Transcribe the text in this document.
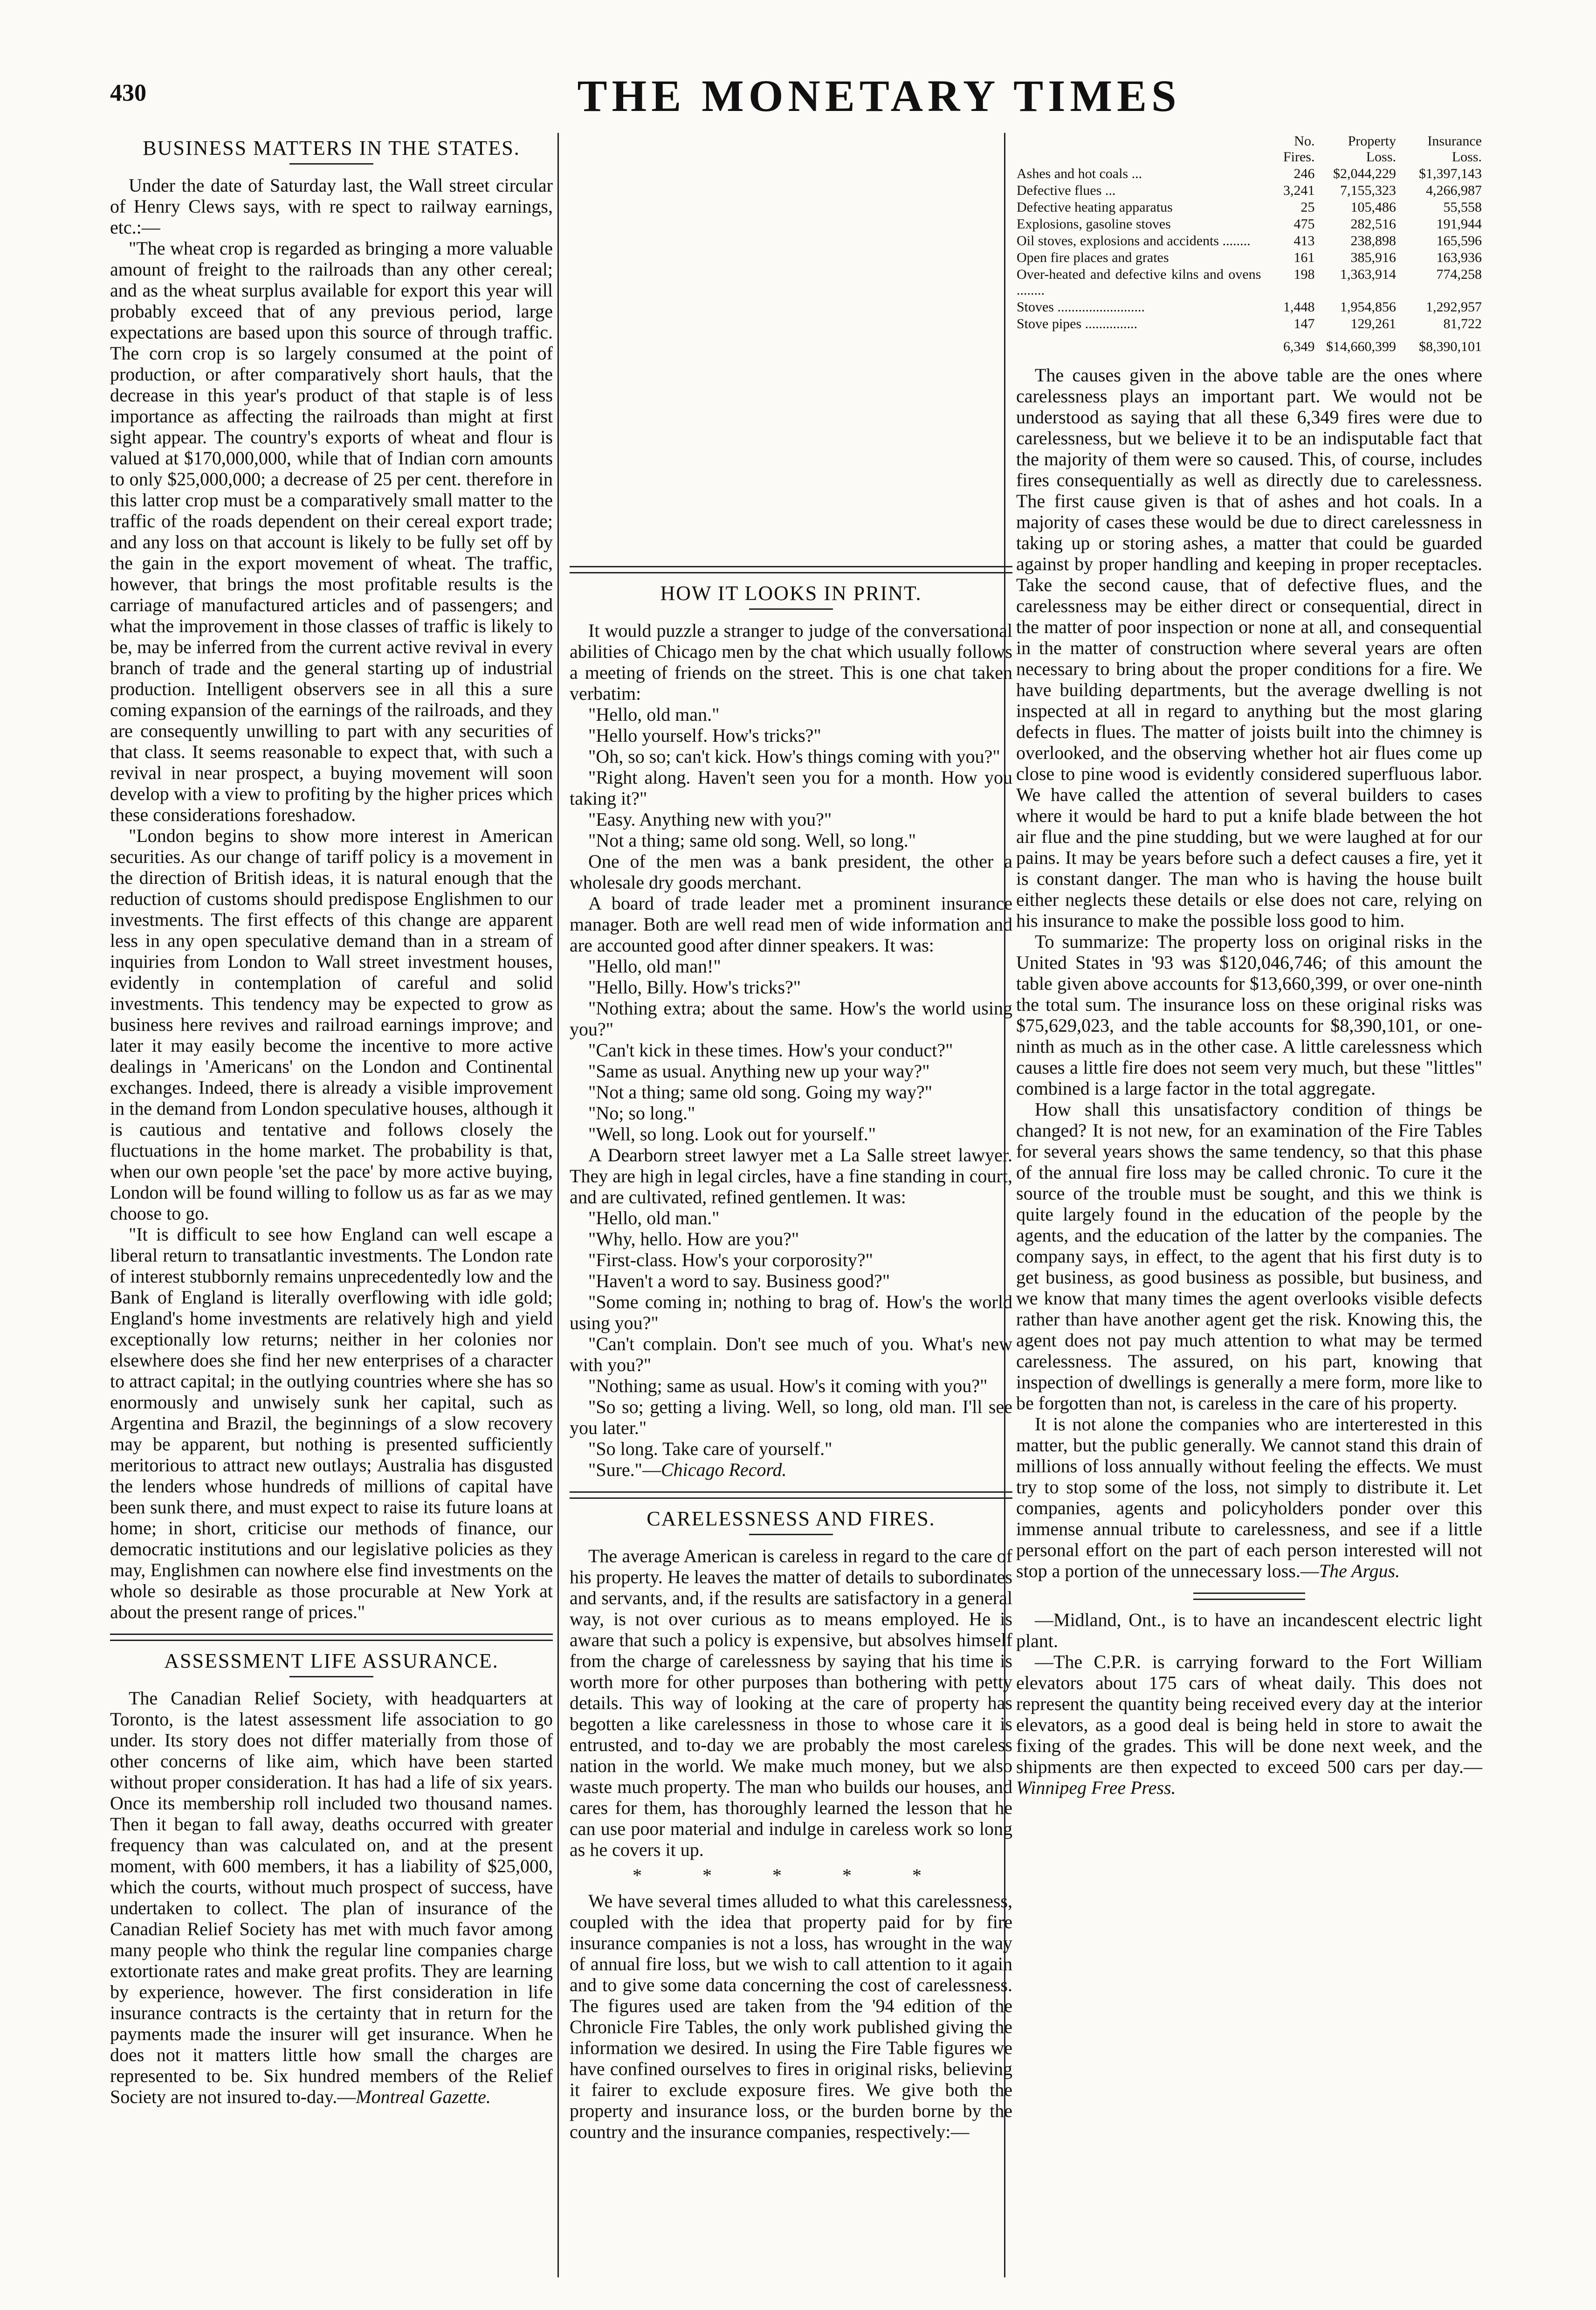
430	THE MONETARY TIMES
BUSINESS MATTERS IN THE STATES.

Under the date of Saturday last, the Wall street circular of Henry Clews says, with re spect to railway earnings, etc.:—

"The wheat crop is regarded as bringing a more valuable amount of freight to the railroads than any other cereal; and as the wheat surplus available for export this year will probably exceed that of any previous period, large expectations are based upon this source of through traffic. The corn crop is so largely consumed at the point of production, or after comparatively short hauls, that the decrease in this year's product of that staple is of less importance as affecting the railroads than might at first sight appear. The country's exports of wheat and flour is valued at $170,000,000, while that of Indian corn amounts to only $25,000,000; a decrease of 25 per cent. therefore in this latter crop must be a comparatively small matter to the traffic of the roads dependent on their cereal export trade; and any loss on that account is likely to be fully set off by the gain in the export movement of wheat. The traffic, however, that brings the most profitable results is the carriage of manufactured articles and of passengers; and what the improvement in those classes of traffic is likely to be, may be inferred from the current active revival in every branch of trade and the general starting up of industrial production. Intelligent observers see in all this a sure coming expansion of the earnings of the railroads, and they are consequently unwilling to part with any securities of that class. It seems reasonable to expect that, with such a revival in near prospect, a buying movement will soon develop with a view to profiting by the higher prices which these considerations foreshadow.

"London begins to show more interest in American securities. As our change of tariff policy is a movement in the direction of British ideas, it is natural enough that the reduction of customs should predispose Englishmen to our investments. The first effects of this change are apparent less in any open speculative demand than in a stream of inquiries from London to Wall street investment houses, evidently in contemplation of careful and solid investments. This tendency may be expected to grow as business here revives and railroad earnings improve; and later it may easily become the incentive to more active dealings in 'Americans' on the London and Continental exchanges. Indeed, there is already a visible improvement in the demand from London speculative houses, although it is cautious and tentative and follows closely the fluctuations in the home market. The probability is that, when our own people 'set the pace' by more active buying, London will be found willing to follow us as far as we may choose to go.

"It is difficult to see how England can well escape a liberal return to transatlantic investments. The London rate of interest stubbornly remains unprecedentedly low and the Bank of England is literally overflowing with idle gold; England's home investments are relatively high and yield exceptionally low returns; neither in her colonies nor elsewhere does she find her new enterprises of a character to attract capital; in the outlying countries where she has so enormously and unwisely sunk her capital, such as Argentina and Brazil, the beginnings of a slow recovery may be apparent, but nothing is presented sufficiently meritorious to attract new outlays; Australia has disgusted the lenders whose hundreds of millions of capital have been sunk there, and must expect to raise its future loans at home; in short, criticise our methods of finance, our democratic institutions and our legislative policies as they may, Englishmen can nowhere else find investments on the whole so desirable as those procurable at New York at about the present range of prices."

ASSESSMENT LIFE ASSURANCE.

The Canadian Relief Society, with headquarters at Toronto, is the latest assessment life association to go under. Its story does not differ materially from those of other concerns of like aim, which have been started without proper consideration. It has had a life of six years. Once its membership roll included two thousand names. Then it began to fall away, deaths occurred with greater frequency than was calculated on, and at the present moment, with 600 members, it has a liability of $25,000, which the courts, without much prospect of success, have undertaken to collect. The plan of insurance of the Canadian Relief Society has met with much favor among many people who think the regular line companies charge extortionate rates and make great profits. They are learning by experience, however. The first consideration in life insurance contracts is the certainty that in return for the payments made the insurer will get insurance. When he does not it matters little how small the charges are represented to be. Six hundred members of the Relief Society are not insured to-day.—Montreal Gazette.

HOW IT LOOKS IN PRINT.

It would puzzle a stranger to judge of the conversational abilities of Chicago men by the chat which usually follows a meeting of friends on the street. This is one chat taken verbatim:

"Hello, old man."

"Hello yourself. How's tricks?"

"Oh, so so; can't kick. How's things coming with you?"

"Right along. Haven't seen you for a month. How you taking it?"

"Easy. Anything new with you?"

"Not a thing; same old song. Well, so long."

One of the men was a bank president, the other a wholesale dry goods merchant.

A board of trade leader met a prominent insurance manager. Both are well read men of wide information and are accounted good after dinner speakers. It was:

"Hello, old man!"

"Hello, Billy. How's tricks?"

"Nothing extra; about the same. How's the world using you?"

"Can't kick in these times. How's your conduct?"

"Same as usual. Anything new up your way?"

"Not a thing; same old song. Going my way?"

"No; so long."

"Well, so long. Look out for yourself."

A Dearborn street lawyer met a La Salle street lawyer. They are high in legal circles, have a fine standing in court, and are cultivated, refined gentlemen. It was:

"Hello, old man."

"Why, hello. How are you?"

"First-class. How's your corporosity?"

"Haven't a word to say. Business good?"

"Some coming in; nothing to brag of. How's the world using you?"

"Can't complain. Don't see much of you. What's new with you?"

"Nothing; same as usual. How's it coming with you?"

"So so; getting a living. Well, so long, old man. I'll see you later."

"So long. Take care of yourself."

"Sure."—Chicago Record.

CARELESSNESS AND FIRES.

The average American is careless in regard to the care of his property. He leaves the matter of details to subordinates and servants, and, if the results are satisfactory in a general way, is not over curious as to means employed. He is aware that such a policy is expensive, but absolves himself from the charge of carelessness by saying that his time is worth more for other purposes than bothering with petty details. This way of looking at the care of property has begotten a like carelessness in those to whose care it is entrusted, and to-day we are probably the most careless nation in the world. We make much money, but we also waste much property. The man who builds our houses, and cares for them, has thoroughly learned the lesson that he can use poor material and indulge in careless work so long as he covers it up.

* * * * *

We have several times alluded to what this carelessness, coupled with the idea that property paid for by fire insurance companies is not a loss, has wrought in the way of annual fire loss, but we wish to call attention to it again and to give some data concerning the cost of carelessness. The figures used are taken from the '94 edition of the Chronicle Fire Tables, the only work published giving the information we desired. In using the Fire Table figures we have confined ourselves to fires in original risks, believing it fairer to exclude exposure fires. We give both the property and insurance loss, or the burden borne by the country and the insurance companies, respectively:—

	No. Fires.	Property Loss.	Insurance Loss.
Ashes and hot coals ...	246	$2,044,229	$1,397,143
Defective flues ...	3,241	7,155,323	4,266,987
Defective heating apparatus	25	105,486	55,558
Explosions, gasoline stoves	475	282,516	191,944
Oil stoves, explosions and accidents ........	413	238,898	165,596
Open fire places and grates	161	385,916	163,936
Over-heated and defective kilns and ovens ........	198	1,363,914	774,258
Stoves .........................	1,448	1,954,856	1,292,957
Stove pipes ...............	147	129,261	81,722
	6,349	$14,660,399	$8,390,101

The causes given in the above table are the ones where carelessness plays an important part. We would not be understood as saying that all these 6,349 fires were due to carelessness, but we believe it to be an indisputable fact that the majority of them were so caused. This, of course, includes fires consequentially as well as directly due to carelessness. The first cause given is that of ashes and hot coals. In a majority of cases these would be due to direct carelessness in taking up or storing ashes, a matter that could be guarded against by proper handling and keeping in proper receptacles. Take the second cause, that of defective flues, and the carelessness may be either direct or consequential, direct in the matter of poor inspection or none at all, and consequential in the matter of construction where several years are often necessary to bring about the proper conditions for a fire. We have building departments, but the average dwelling is not inspected at all in regard to anything but the most glaring defects in flues. The matter of joists built into the chimney is overlooked, and the observing whether hot air flues come up close to pine wood is evidently considered superfluous labor. We have called the attention of several builders to cases where it would be hard to put a knife blade between the hot air flue and the pine studding, but we were laughed at for our pains. It may be years before such a defect causes a fire, yet it is constant danger. The man who is having the house built either neglects these details or else does not care, relying on his insurance to make the possible loss good to him.

To summarize: The property loss on original risks in the United States in '93 was $120,046,746; of this amount the table given above accounts for $13,660,399, or over one-ninth the total sum. The insurance loss on these original risks was $75,629,023, and the table accounts for $8,390,101, or one-ninth as much as in the other case. A little carelessness which causes a little fire does not seem very much, but these "littles" combined is a large factor in the total aggregate.

How shall this unsatisfactory condition of things be changed? It is not new, for an examination of the Fire Tables for several years shows the same tendency, so that this phase of the annual fire loss may be called chronic. To cure it the source of the trouble must be sought, and this we think is quite largely found in the education of the people by the agents, and the education of the latter by the companies. The company says, in effect, to the agent that his first duty is to get business, as good business as possible, but business, and we know that many times the agent overlooks visible defects rather than have another agent get the risk. Knowing this, the agent does not pay much attention to what may be termed carelessness. The assured, on his part, knowing that inspection of dwellings is generally a mere form, more like to be forgotten than not, is careless in the care of his property.

It is not alone the companies who are interterested in this matter, but the public generally. We cannot stand this drain of millions of loss annually without feeling the effects. We must try to stop some of the loss, not simply to distribute it. Let companies, agents and policyholders ponder over this immense annual tribute to carelessness, and see if a little personal effort on the part of each person interested will not stop a portion of the unnecessary loss.—The Argus.

—Midland, Ont., is to have an incandescent electric light plant.

—The C.P.R. is carrying forward to the Fort William elevators about 175 cars of wheat daily. This does not represent the quantity being received every day at the interior elevators, as a good deal is being held in store to await the fixing of the grades. This will be done next week, and the shipments are then expected to exceed 500 cars per day.—Winnipeg Free Press.
